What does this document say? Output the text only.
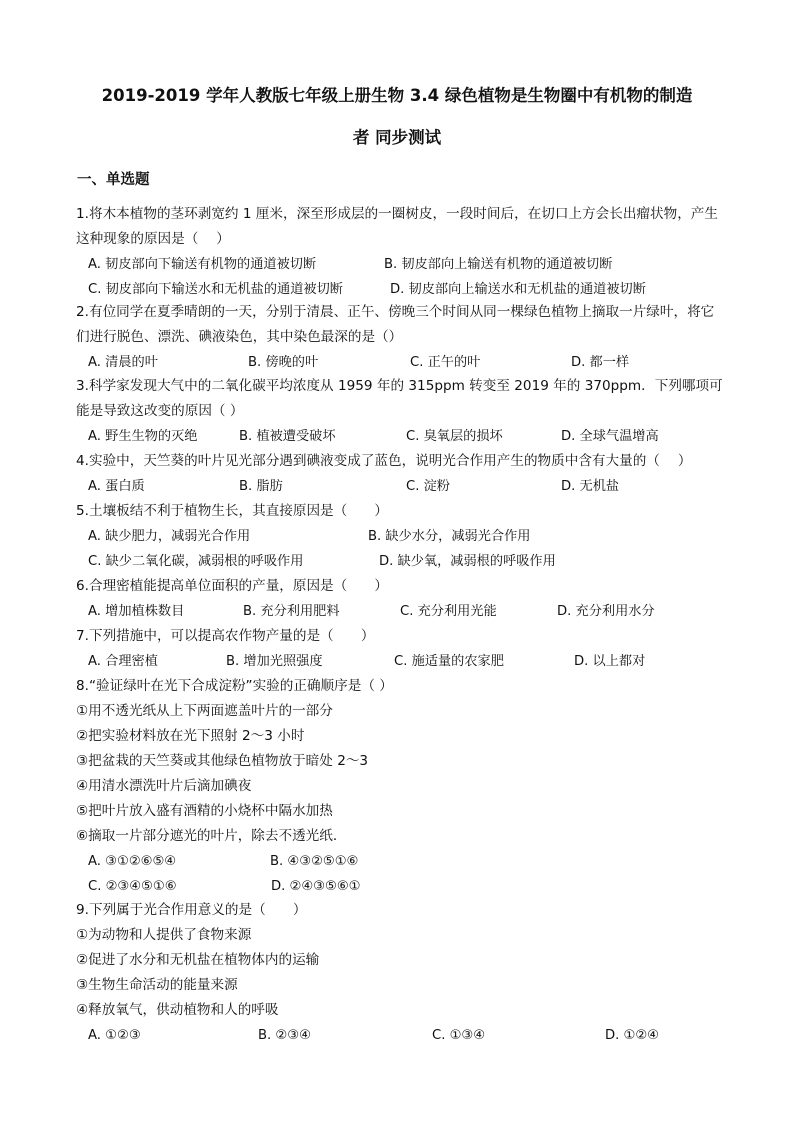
2019-2019 学年人教版七年级上册生物 3.4 绿色植物是生物圈中有机物的制造
者 同步测试
一、单选题
1.将木本植物的茎环剥宽约 1 厘米，深至形成层的一圈树皮，一段时间后，在切口上方会长出瘤状物，产生这种现象的原因是（　 ）
A. 韧皮部向下输送有机物的通道被切断	B. 韧皮部向上输送有机物的通道被切断
C. 韧皮部向下输送水和无机盐的通道被切断	D. 韧皮部向上输送水和无机盐的通道被切断
2.有位同学在夏季晴朗的一天，分别于清晨、正午、傍晚三个时间从同一棵绿色植物上摘取一片绿叶，将它们进行脱色、漂洗、碘液染色，其中染色最深的是（）
A. 清晨的叶	B. 傍晚的叶	C. 正午的叶	D. 都一样
3.科学家发现大气中的二氧化碳平均浓度从 1959 年的 315ppm 转变至 2019 年的 370ppm．下列哪项可能是导致这改变的原因（ ）
A. 野生生物的灭绝	B. 植被遭受破坏	C. 臭氧层的损坏	D. 全球气温增高
4.实验中，天竺葵的叶片见光部分遇到碘液变成了蓝色，说明光合作用产生的物质中含有大量的（　 ）
A. 蛋白质	B. 脂肪	C. 淀粉	D. 无机盐
5.土壤板结不利于植物生长，其直接原因是（　　）
A. 缺少肥力，减弱光合作用	B. 缺少水分，减弱光合作用
C. 缺少二氧化碳，减弱根的呼吸作用	D. 缺少氧，减弱根的呼吸作用
6.合理密植能提高单位面积的产量，原因是（　　）
A. 增加植株数目	B. 充分利用肥料	C. 充分利用光能	D. 充分利用水分
7.下列措施中，可以提高农作物产量的是（　　）
A. 合理密植	B. 增加光照强度	C. 施适量的农家肥	D. 以上都对
8.“验证绿叶在光下合成淀粉”实验的正确顺序是（ ）
①用不透光纸从上下两面遮盖叶片的一部分
②把实验材料放在光下照射 2～3 小时
③把盆栽的天竺葵或其他绿色植物放于暗处 2～3
④用清水漂洗叶片后滴加碘夜
⑤把叶片放入盛有酒精的小烧杯中隔水加热
⑥摘取一片部分遮光的叶片，除去不透光纸．
A. ③①②⑥⑤④	B. ④③②⑤①⑥
C. ②③④⑤①⑥	D. ②④③⑤⑥①
9.下列属于光合作用意义的是（　　）
①为动物和人提供了食物来源
②促进了水分和无机盐在植物体内的运输
③生物生命活动的能量来源
④释放氧气，供动植物和人的呼吸
A. ①②③	B. ②③④	C. ①③④	D. ①②④
